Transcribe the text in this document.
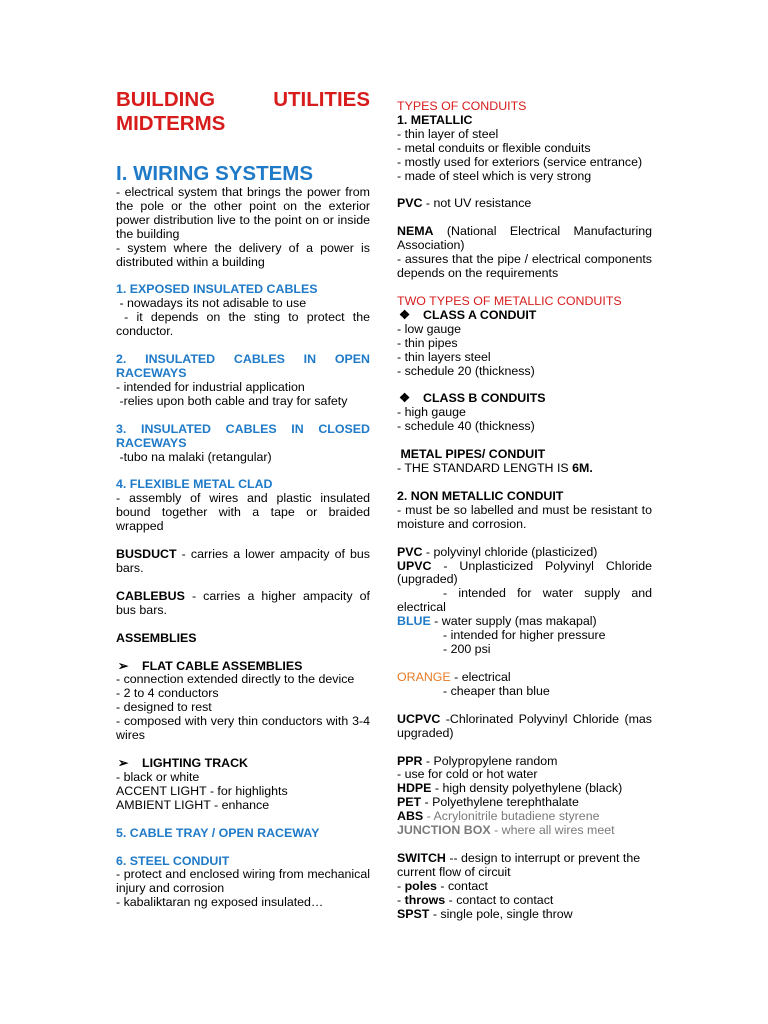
BUILDING UTILITIES
MIDTERMS
I. WIRING SYSTEMS

- electrical system that brings the power from the pole or the other point on the exterior power distribution live to the point on or inside the building

- system where the delivery of a power is distributed within a building

1. EXPOSED INSULATED CABLES

- nowadays its not adisable to use

- it depends on the sting to protect the conductor.

2. INSULATED CABLES IN OPEN RACEWAYS

- intended for industrial application

-relies upon both cable and tray for safety

3. INSULATED CABLES IN CLOSED RACEWAYS

-tubo na malaki (retangular)

4. FLEXIBLE METAL CLAD

- assembly of wires and plastic insulated bound together with a tape or braided wrapped

BUSDUCT - carries a lower ampacity of bus bars.

CABLEBUS - carries a higher ampacity of bus bars.

ASSEMBLIES

➢ FLAT CABLE ASSEMBLIES

- connection extended directly to the device

- 2 to 4 conductors

- designed to rest

- composed with very thin conductors with 3-4 wires

➢ LIGHTING TRACK

- black or white

ACCENT LIGHT - for highlights

AMBIENT LIGHT - enhance

5. CABLE TRAY / OPEN RACEWAY

6. STEEL CONDUIT

- protect and enclosed wiring from mechanical injury and corrosion

- kabaliktaran ng exposed insulated…

TYPES OF CONDUITS

1. METALLIC

- thin layer of steel

- metal conduits or flexible conduits

- mostly used for exteriors (service entrance)

- made of steel which is very strong

PVC - not UV resistance

NEMA (National Electrical Manufacturing Association)

- assures that the pipe / electrical components depends on the requirements

TWO TYPES OF METALLIC CONDUITS

❖ CLASS A CONDUIT

- low gauge

- thin pipes

- thin layers steel

- schedule 20 (thickness)

❖ CLASS B CONDUITS

- high gauge

- schedule 40 (thickness)

METAL PIPES/ CONDUIT

- THE STANDARD LENGTH IS 6M.

2. NON METALLIC CONDUIT

- must be so labelled and must be resistant to moisture and corrosion.

PVC - polyvinyl chloride (plasticized)

UPVC - Unplasticized Polyvinyl Chloride (upgraded)

- intended for water supply and

electrical

BLUE - water supply (mas makapal)

- intended for higher pressure

- 200 psi

ORANGE - electrical

- cheaper than blue

UCPVC -Chlorinated Polyvinyl Chloride (mas upgraded)

PPR - Polypropylene random

- use for cold or hot water

HDPE - high density polyethylene (black)

PET - Polyethylene terephthalate

ABS - Acrylonitrile butadiene styrene

JUNCTION BOX - where all wires meet

SWITCH -- design to interrupt or prevent the current flow of circuit

- poles - contact

- throws - contact to contact

SPST - single pole, single throw
